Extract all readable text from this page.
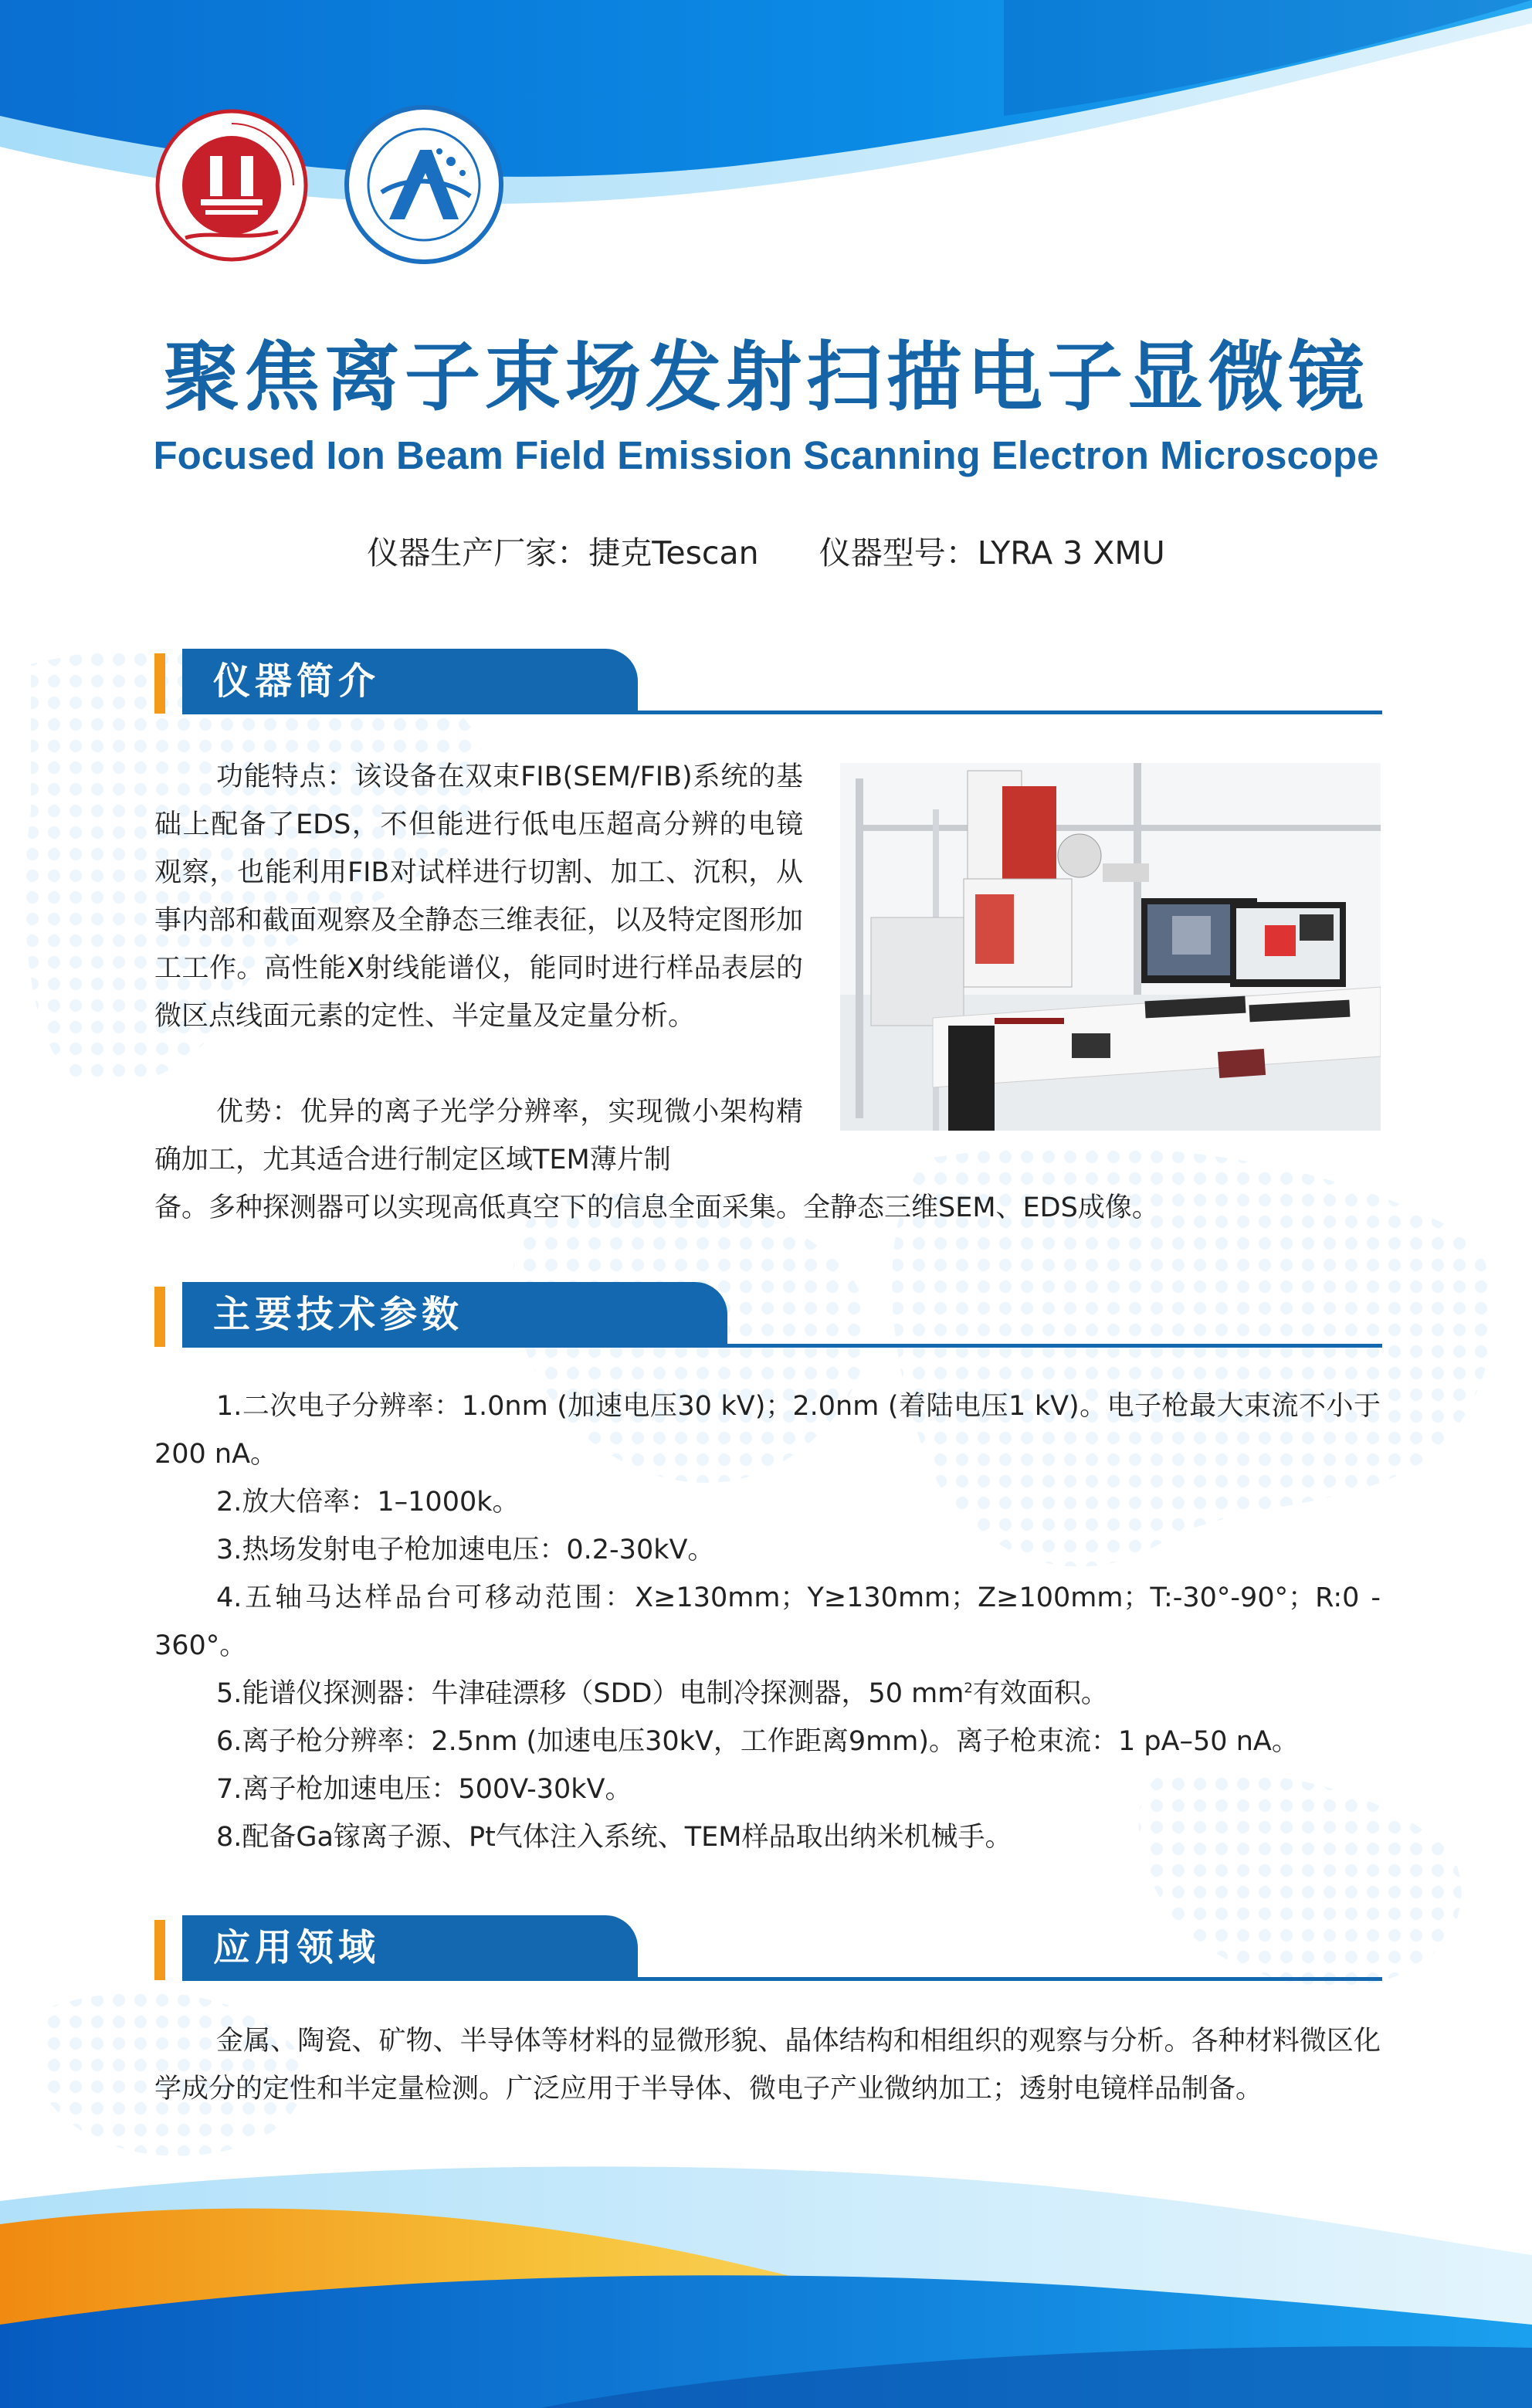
聚焦离子束场发射扫描电子显微镜
Focused Ion Beam Field Emission Scanning Electron Microscope
仪器生产厂家：捷克Tescan 仪器型号：LYRA 3 XMU
仪器简介

功能特点：该设备在双束FIB(SEM/FIB)系统的基础上配备了EDS，不但能进行低电压超高分辨的电镜观察，也能利用FIB对试样进行切割、加工、沉积，从事内部和截面观察及全静态三维表征，以及特定图形加工工作。高性能X射线能谱仪，能同时进行样品表层的微区点线面元素的定性、半定量及定量分析。

优势：优异的离子光学分辨率，实现微小架构精确加工，尤其适合进行制定区域TEM薄片制

备。多种探测器可以实现高低真空下的信息全面采集。全静态三维SEM、EDS成像。

主要技术参数

1.二次电子分辨率：1.0nm (加速电压30 kV)；2.0nm (着陆电压1 kV)。电子枪最大束流不小于200 nA。

2.放大倍率：1–1000k。

3.热场发射电子枪加速电压：0.2-30kV。

4.五轴马达样品台可移动范围：X≥130mm；Y≥130mm；Z≥100mm；T:-30°-90°；R:0 - 360°。

5.能谱仪探测器：牛津硅漂移（SDD）电制冷探测器，50 $mm^2$有效面积。

6.离子枪分辨率：2.5nm (加速电压30kV，工作距离9mm)。离子枪束流：1 pA–50 nA。

7.离子枪加速电压：500V-30kV。

8.配备Ga镓离子源、Pt气体注入系统、TEM样品取出纳米机械手。

应用领域

金属、陶瓷、矿物、半导体等材料的显微形貌、晶体结构和相组织的观察与分析。各种材料微区化学成分的定性和半定量检测。广泛应用于半导体、微电子产业微纳加工；透射电镜样品制备。
